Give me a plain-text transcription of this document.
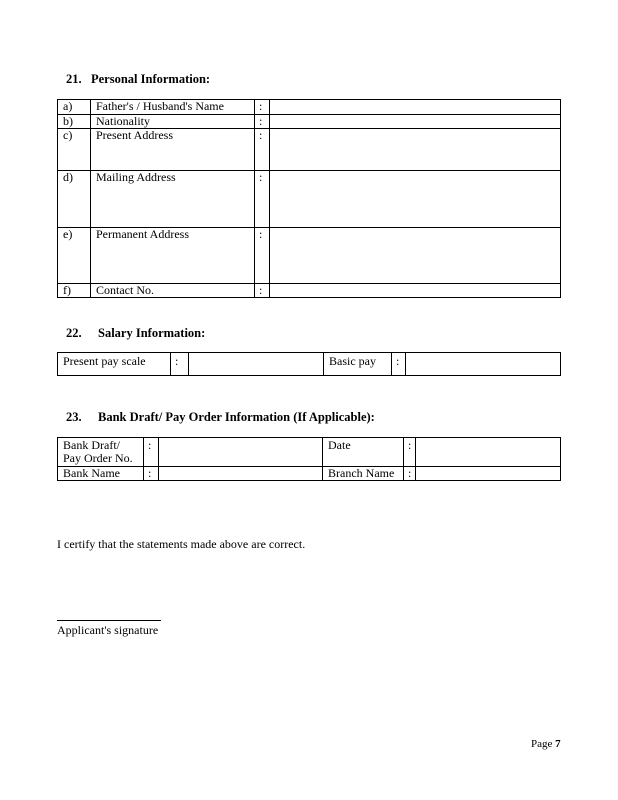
21. Personal Information:
a)	Father's / Husband's Name	:	
b)	Nationality	:	
c)	Present Address	:	
d)	Mailing Address	:	
e)	Permanent Address	:	
f)	Contact No.	:	
22. Salary Information:
Present pay scale	:		Basic pay	:	
23. Bank Draft/ Pay Order Information (If Applicable):
Bank Draft/
Pay Order No.	:		Date	:	
Bank Name	:		Branch Name	:	
I certify that the statements made above are correct.
Applicant's signature
Page 7
